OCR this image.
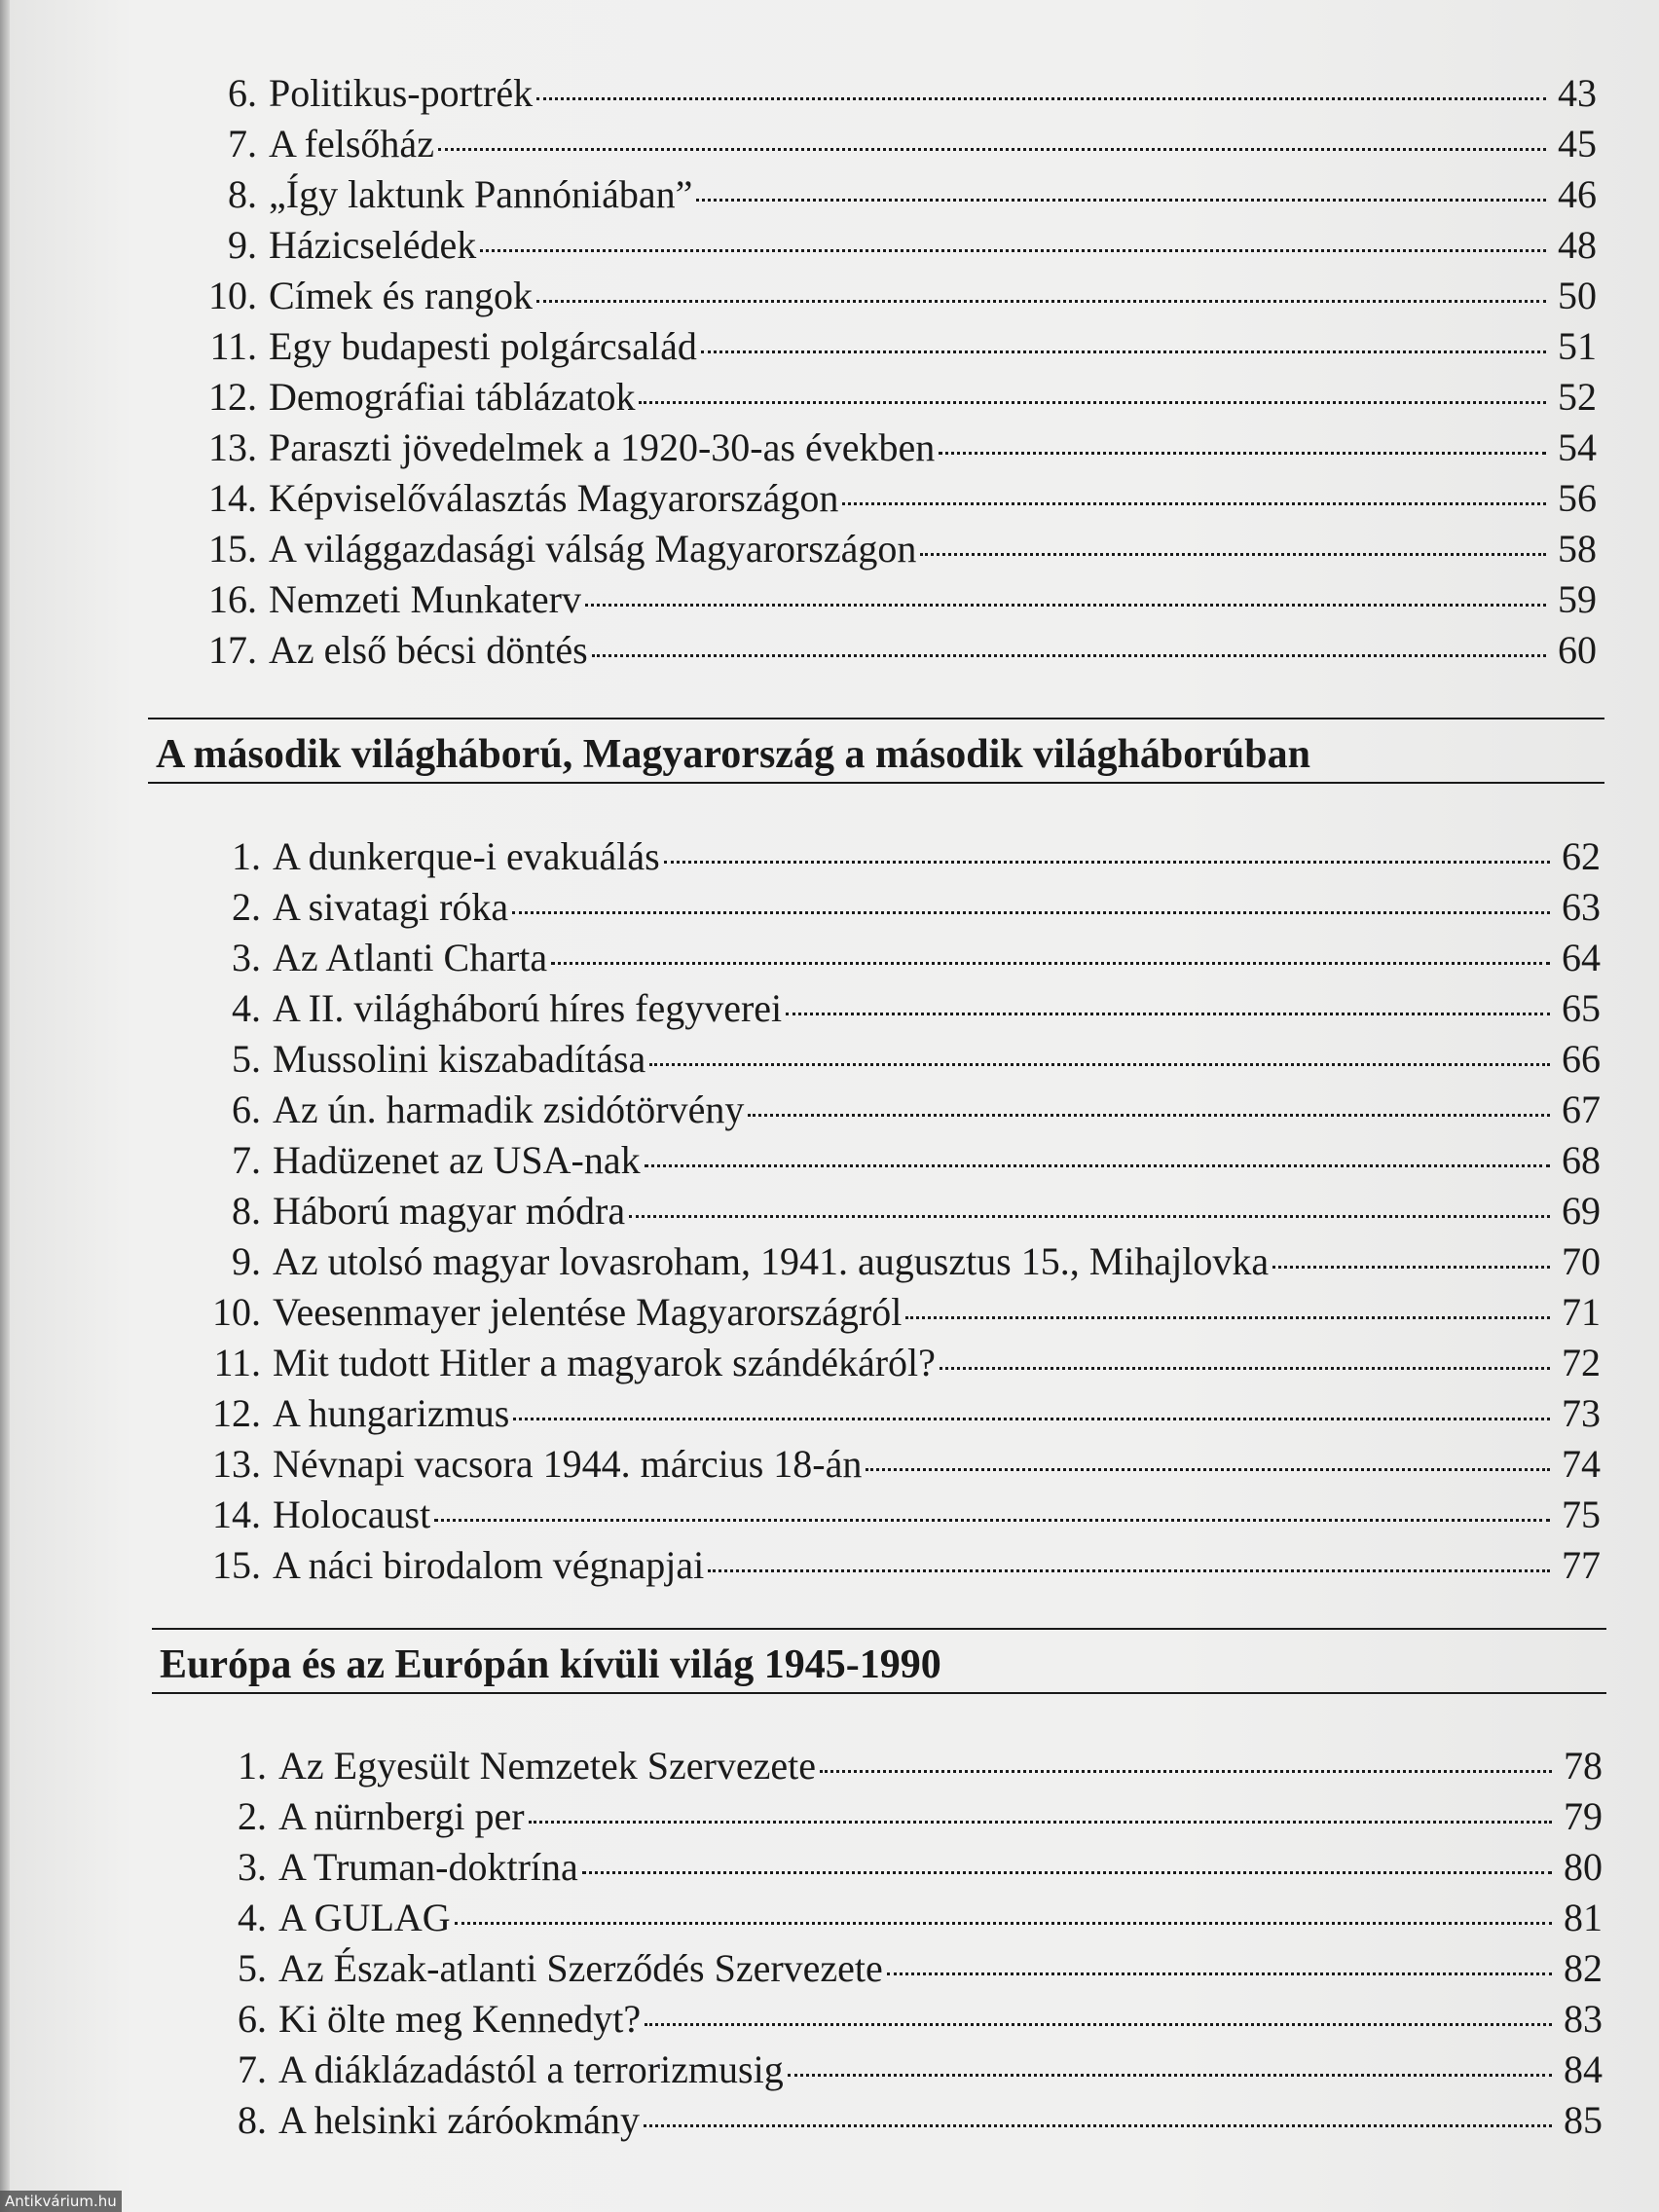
6. Politikus-portrék	43
7. A felsőház	45
8. „Így laktunk Pannóniában”	46
9. Házicselédek	48
10. Címek és rangok	50
11. Egy budapesti polgárcsalád	51
12. Demográfiai táblázatok	52
13. Paraszti jövedelmek a 1920-30-as években	54
14. Képviselőválasztás Magyarországon	56
15. A világgazdasági válság Magyarországon	58
16. Nemzeti Munkaterv	59
17. Az első bécsi döntés	60
A második világháború, Magyarország a második világháborúban
1. A dunkerque-i evakuálás	62
2. A sivatagi róka	63
3. Az Atlanti Charta	64
4. A II. világháború híres fegyverei	65
5. Mussolini kiszabadítása	66
6. Az ún. harmadik zsidótörvény	67
7. Hadüzenet az USA-nak	68
8. Háború magyar módra	69
9. Az utolsó magyar lovasroham, 1941. augusztus 15., Mihajlovka	70
10. Veesenmayer jelentése Magyarországról	71
11. Mit tudott Hitler a magyarok szándékáról?	72
12. A hungarizmus	73
13. Névnapi vacsora 1944. március 18-án	74
14. Holocaust	75
15. A náci birodalom végnapjai	77
Európa és az Európán kívüli világ 1945-1990
1. Az Egyesült Nemzetek Szervezete	78
2. A nürnbergi per	79
3. A Truman-doktrína	80
4. A GULAG	81
5. Az Észak-atlanti Szerződés Szervezete	82
6. Ki ölte meg Kennedyt?	83
7. A diáklázadástól a terrorizmusig	84
8. A helsinki záróokmány	85
Antikvárium.hu
